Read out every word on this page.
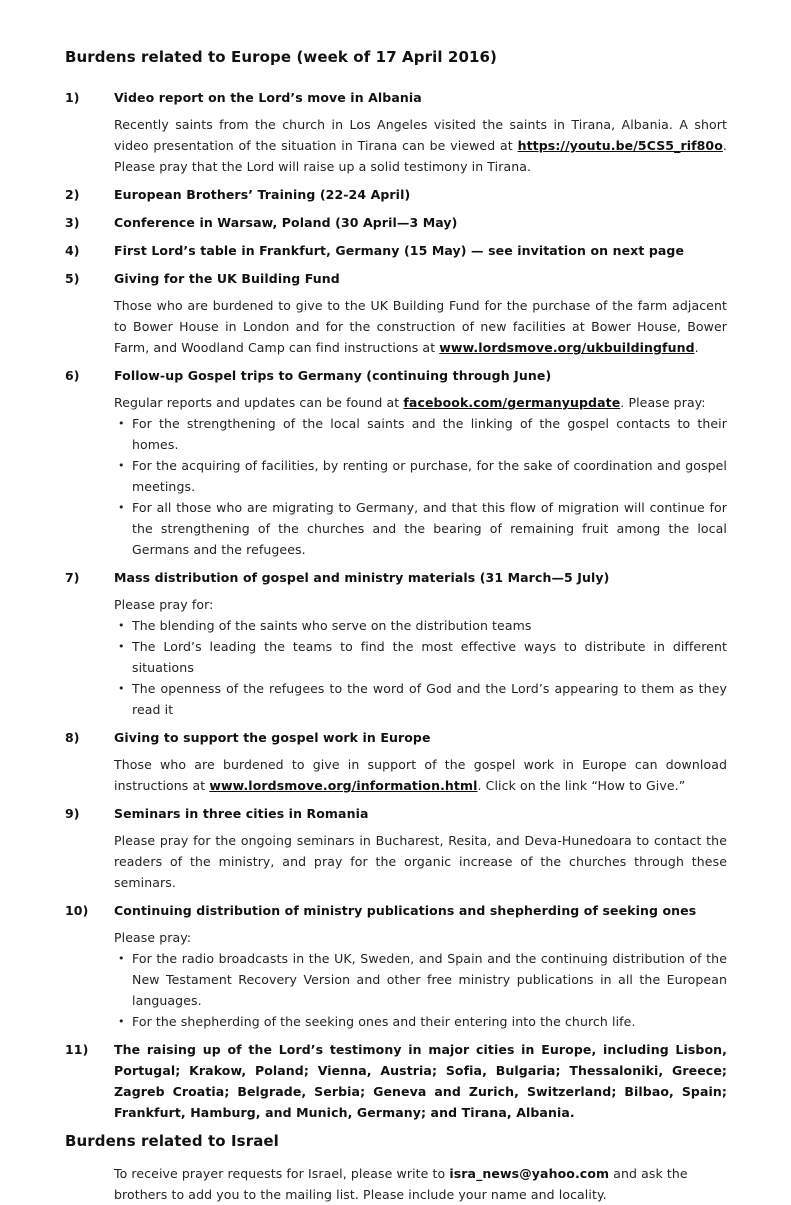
Burdens related to Europe (week of 17 April 2016)
1)	Video report on the Lord’s move in Albania

Recently saints from the church in Los Angeles visited the saints in Tirana, Albania. A short video presentation of the situation in Tirana can be viewed at https://youtu.be/5CS5_rif80o. Please pray that the Lord will raise up a solid testimony in Tirana.

2)	European Brothers’ Training (22-24 April)
3)	Conference in Warsaw, Poland (30 April—3 May)
4)	First Lord’s table in Frankfurt, Germany (15 May) — see invitation on next page
5)	Giving for the UK Building Fund

Those who are burdened to give to the UK Building Fund for the purchase of the farm adjacent to Bower House in London and for the construction of new facilities at Bower House, Bower Farm, and Woodland Camp can find instructions at www.lordsmove.org/ukbuildingfund.

6)	Follow-up Gospel trips to Germany (continuing through June)

Regular reports and updates can be found at facebook.com/germanyupdate. Please pray:

• For the strengthening of the local saints and the linking of the gospel contacts to their homes.
• For the acquiring of facilities, by renting or purchase, for the sake of coordination and gospel meetings.
• For all those who are migrating to Germany, and that this flow of migration will continue for the strengthening of the churches and the bearing of remaining fruit among the local Germans and the refugees.
7)	Mass distribution of gospel and ministry materials (31 March—5 July)

Please pray for:

• The blending of the saints who serve on the distribution teams
• The Lord’s leading the teams to find the most effective ways to distribute in different situations
• The openness of the refugees to the word of God and the Lord’s appearing to them as they read it
8)	Giving to support the gospel work in Europe

Those who are burdened to give in support of the gospel work in Europe can download instructions at www.lordsmove.org/information.html. Click on the link “How to Give.”

9)	Seminars in three cities in Romania

Please pray for the ongoing seminars in Bucharest, Resita, and Deva-Hunedoara to contact the readers of the ministry, and pray for the organic increase of the churches through these seminars.

10)	Continuing distribution of ministry publications and shepherding of seeking ones

Please pray:

• For the radio broadcasts in the UK, Sweden, and Spain and the continuing distribution of the New Testament Recovery Version and other free ministry publications in all the European languages.
• For the shepherding of the seeking ones and their entering into the church life.
11)	The raising up of the Lord’s testimony in major cities in Europe, including Lisbon, Portugal; Krakow, Poland; Vienna, Austria; Sofia, Bulgaria; Thessaloniki, Greece; Zagreb Croatia; Belgrade, Serbia; Geneva and Zurich, Switzerland; Bilbao, Spain; Frankfurt, Hamburg, and Munich, Germany; and Tirana, Albania.
Burdens related to Israel

To receive prayer requests for Israel, please write to isra_news@yahoo.com and ask the brothers to add you to the mailing list. Please include your name and locality.
